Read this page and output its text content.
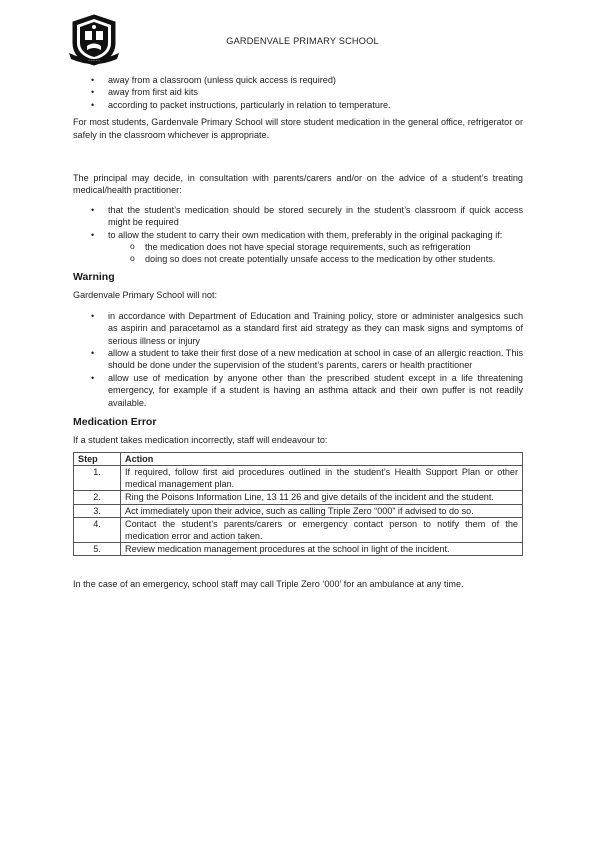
~~~~~
GARDENVALE PRIMARY SCHOOL
• away from a classroom (unless quick access is required)
• away from first aid kits
• according to packet instructions, particularly in relation to temperature.

For most students, Gardenvale Primary School will store student medication in the general office, refrigerator or safely in the classroom whichever is appropriate.

The principal may decide, in consultation with parents/carers and/or on the advice of a student’s treating medical/health practitioner:

• that the student’s medication should be stored securely in the student’s classroom if quick access might be required
• to allow the student to carry their own medication with them, preferably in the original packaging if:
o the medication does not have special storage requirements, such as refrigeration
o doing so does not create potentially unsafe access to the medication by other students.
Warning

Gardenvale Primary School will not:

• in accordance with Department of Education and Training policy, store or administer analgesics such as aspirin and paracetamol as a standard first aid strategy as they can mask signs and symptoms of serious illness or injury
• allow a student to take their first dose of a new medication at school in case of an allergic reaction. This should be done under the supervision of the student’s parents, carers or health practitioner
• allow use of medication by anyone other than the prescribed student except in a life threatening emergency, for example if a student is having an asthma attack and their own puffer is not readily available.
Medication Error

If a student takes medication incorrectly, staff will endeavour to:

Step	Action
1.	If required, follow first aid procedures outlined in the student’s Health Support Plan or other medical management plan.
2.	Ring the Poisons Information Line, 13 11 26 and give details of the incident and the student.
3.	Act immediately upon their advice, such as calling Triple Zero “000” if advised to do so.
4.	Contact the student’s parents/carers or emergency contact person to notify them of the medication error and action taken.
5.	Review medication management procedures at the school in light of the incident.

In the case of an emergency, school staff may call Triple Zero ‘000’ for an ambulance at any time.
